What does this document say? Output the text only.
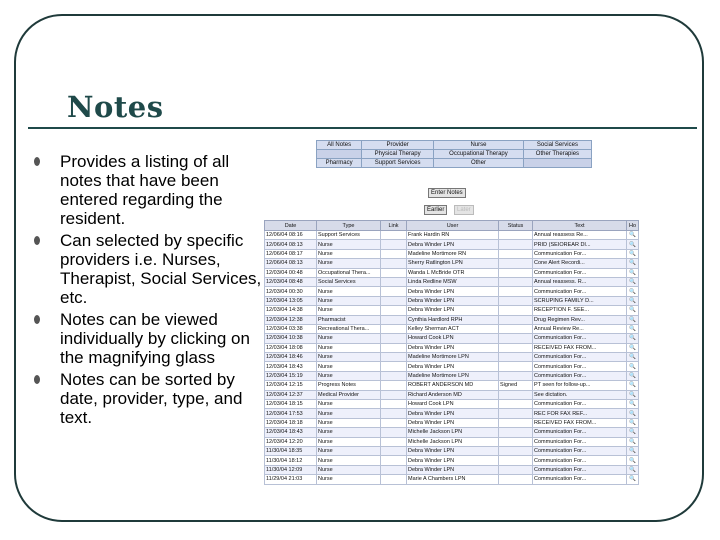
Notes
Provides a listing of all notes that have been entered regarding the resident.
Can selected by specific providers i.e. Nurses, Therapist, Social Services, etc.
Notes can be viewed individually by clicking on the magnifying glass
Notes can be sorted by date, provider, type, and text.
All Notes	Provider	Nurse	Social Services
	Physical Therapy	Occupational Therapy	Other Therapies
Pharmacy	Support Services	Other	
Enter Notes
Earlier	Later
Date	Type	Link	User	Status	Text	Ho
12/06/04 08:16	Support Services		Frank Hardin RN		Annual reassess Re...	🔍
12/06/04 08:13	Nurse		Debra Winder LPN		PRID (SEIOREAR DI...	🔍
12/06/04 08:17	Nurse		Madeline Mortimore RN		Communication For...	🔍
12/06/04 08:13	Nurse		Sherry Ratlington LPN		Cone Alert Recordi...	🔍
12/03/04 00:48	Occupational Thera...		Wanda L McBride OTR		Communication For...	🔍
12/03/04 08:48	Social Services		Linda Redline MSW		Annual reassess. R...	🔍
12/03/04 00:30	Nurse		Debra Winder LPN		Communication For...	🔍
12/03/04 13:05	Nurse		Debra Winder LPN		SCRUPING FAMILY D...	🔍
12/03/04 14:38	Nurse		Debra Winder LPN		RECEPTION F. SEE...	🔍
12/03/04 12:38	Pharmacist		Cynthia Hardlord RPH		Drug Regimen Rev...	🔍
12/03/04 03:38	Recreational Thera...		Kelley Sherman ACT		Annual Review Re...	🔍
12/03/04 10:38	Nurse		Howard Cook LPN		Communication For...	🔍
12/03/04 18:08	Nurse		Debra Winder LPN		RECEIVED FAX FROM...	🔍
12/03/04 18:46	Nurse		Madeline Mortimore LPN		Communication For...	🔍
12/03/04 18:43	Nurse		Debra Winder LPN		Communication For...	🔍
12/03/04 15:19	Nurse		Madeline Mortimore LPN		Communication For...	🔍
12/03/04 12:15	Progress Notes		ROBERT ANDERSON MD	Signed	PT seen for follow-up...	🔍
12/03/04 12:37	Medical Provider		Richard Anderson MD		See dictation.	🔍
12/03/04 18:15	Nurse		Howard Cook LPN		Communication For...	🔍
12/03/04 17:53	Nurse		Debra Winder LPN		REC FOR FAX REF...	🔍
12/03/04 18:18	Nurse		Debra Winder LPN		RECEIVED FAX FROM...	🔍
12/03/04 18:43	Nurse		Michelle Jackson LPN		Communication For...	🔍
12/03/04 12:20	Nurse		Michelle Jackson LPN		Communication For...	🔍
11/30/04 18:35	Nurse		Debra Winder LPN		Communication For...	🔍
11/30/04 18:12	Nurse		Debra Winder LPN		Communication For...	🔍
11/30/04 12:09	Nurse		Debra Winder LPN		Communication For...	🔍
11/29/04 21:03	Nurse		Marie A Chambers LPN		Communication For...	🔍
